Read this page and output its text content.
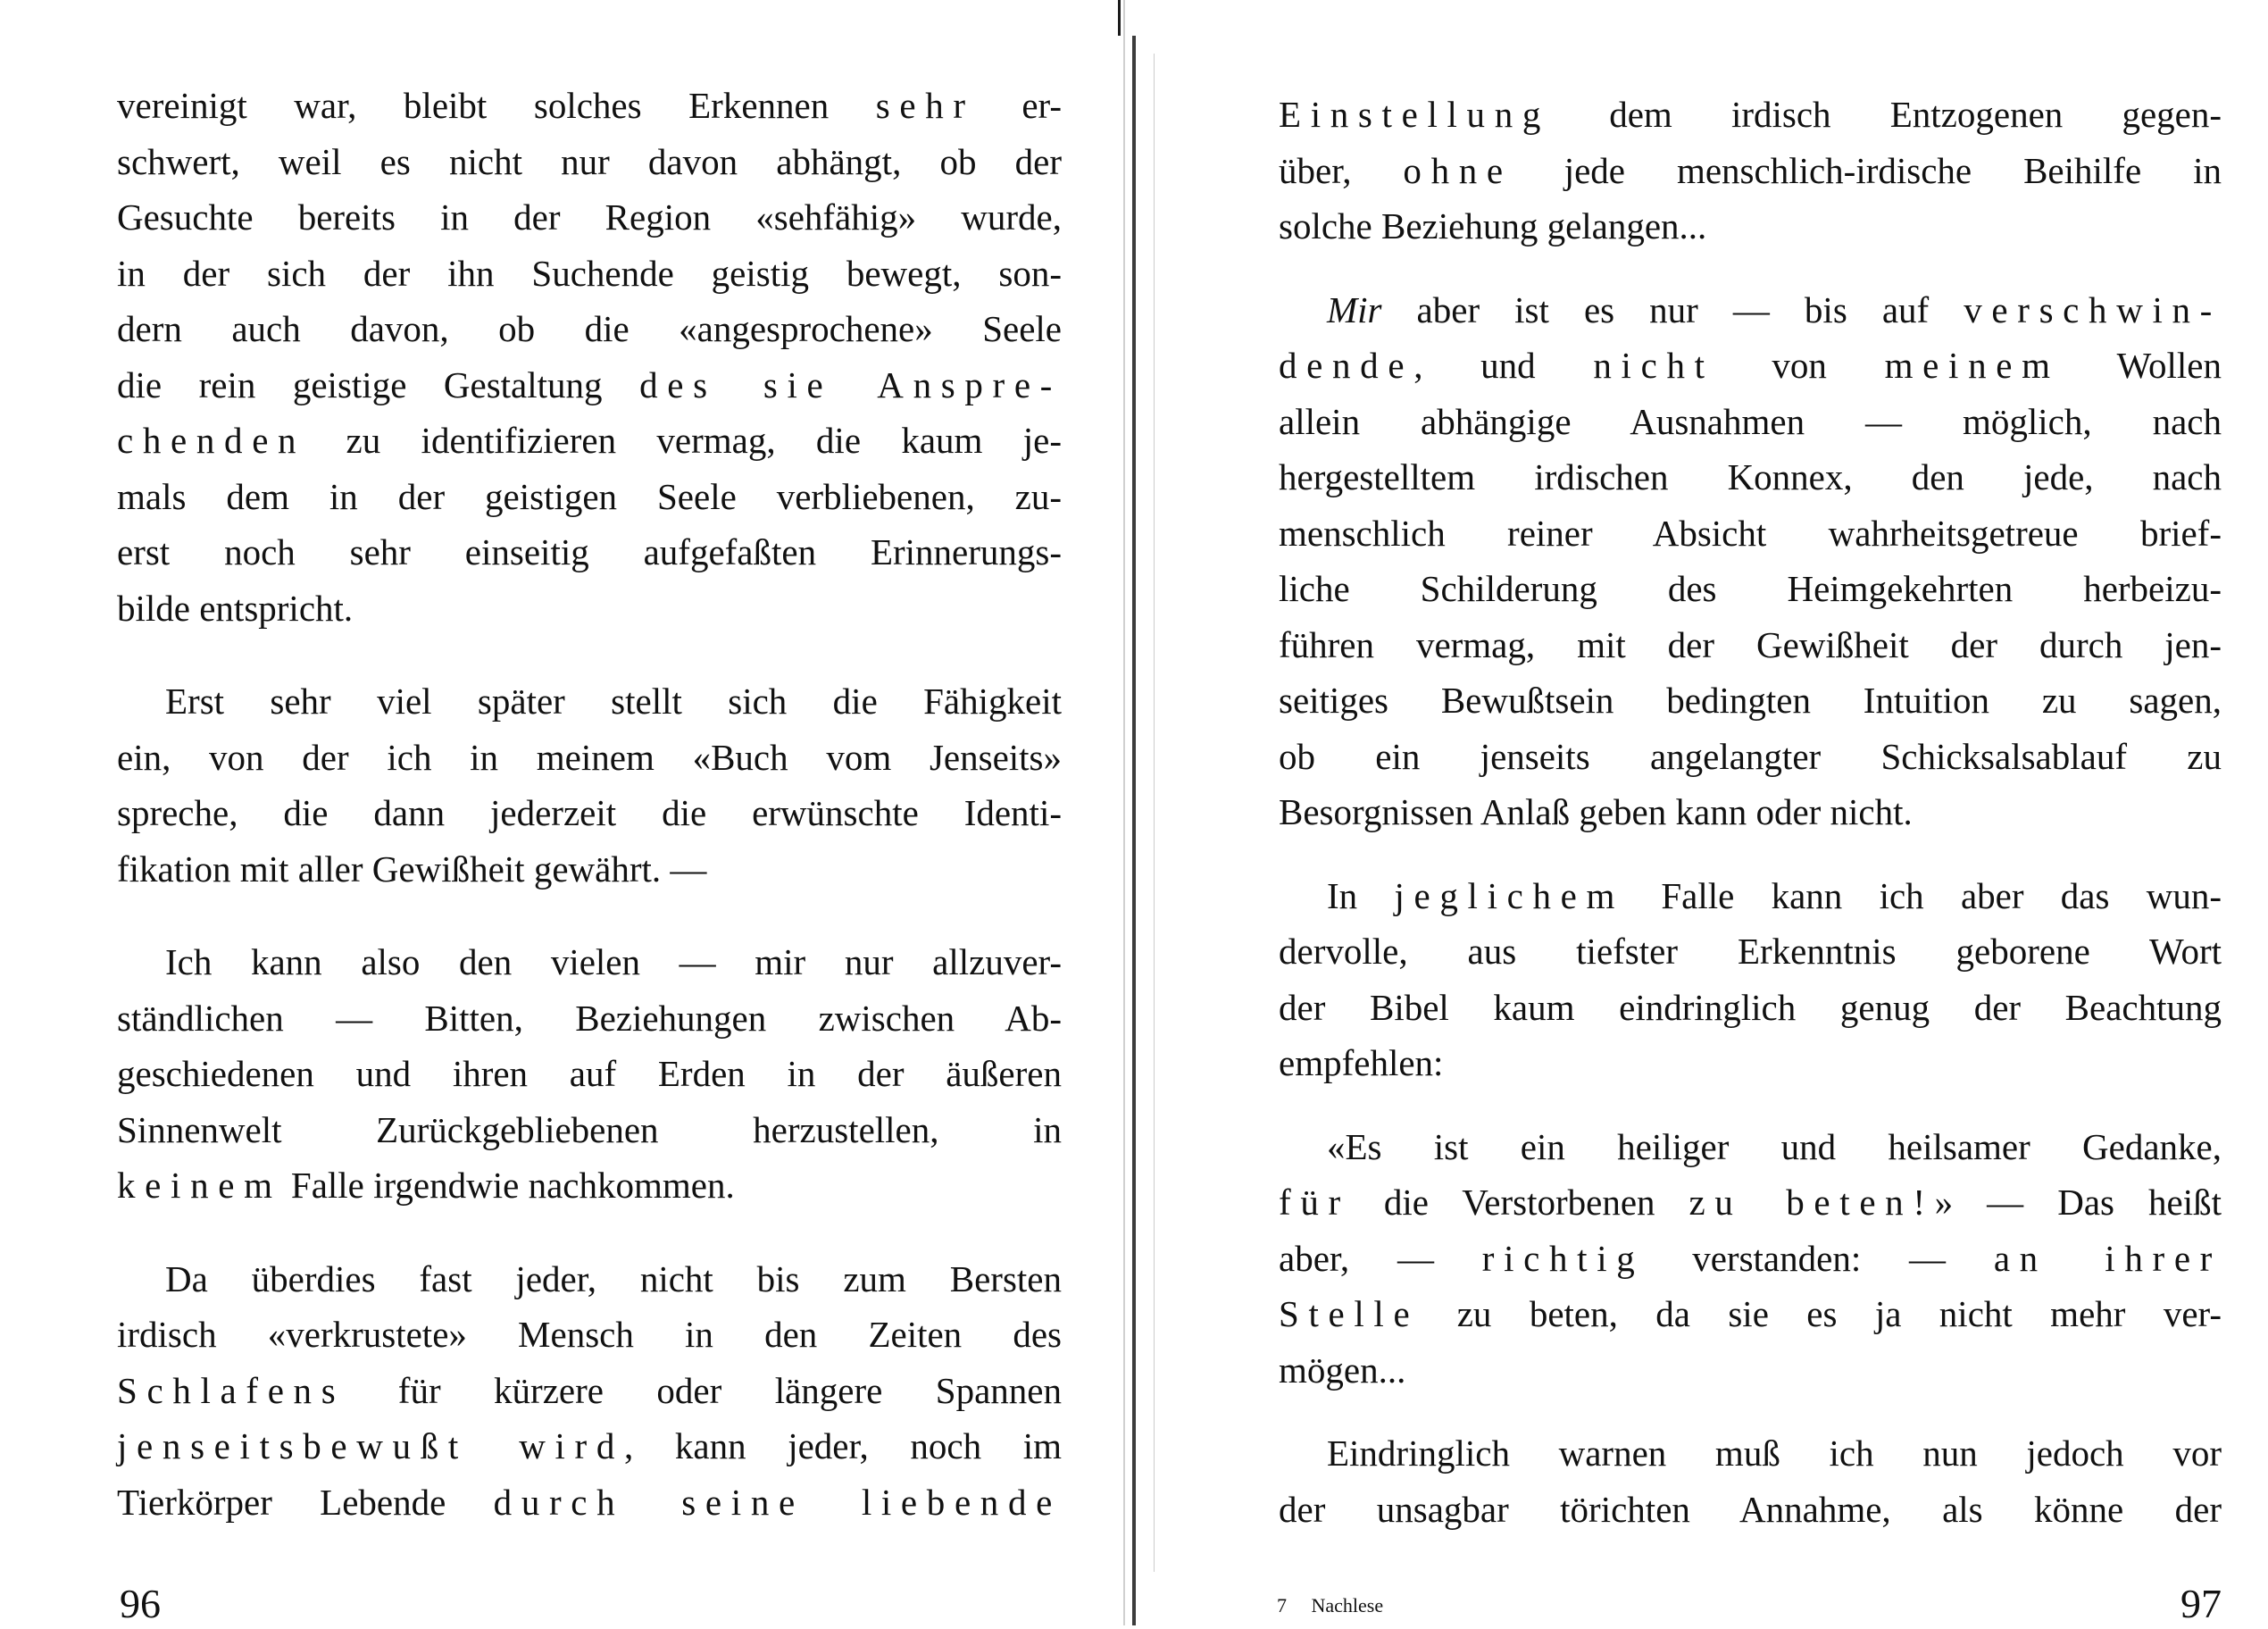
vereinigt war, bleibt solches Erkennen sehr er-
schwert, weil es nicht nur davon abhängt, ob der
Gesuchte bereits in der Region «sehfähig» wurde,
in der sich der ihn Suchende geistig bewegt, son-
dern auch davon, ob die «angesprochene» Seele
die rein geistige Gestaltung des sie Anspre-
chenden zu identifizieren vermag, die kaum je-
mals dem in der geistigen Seele verbliebenen, zu-
erst noch sehr einseitig aufgefaßten Erinnerungs-
bilde entspricht.
Erst sehr viel später stellt sich die Fähigkeit
ein, von der ich in meinem «Buch vom Jenseits»
spreche, die dann jederzeit die erwünschte Identi-
fikation mit aller Gewißheit gewährt. —
Ich kann also den vielen — mir nur allzuver-
ständlichen — Bitten, Beziehungen zwischen Ab-
geschiedenen und ihren auf Erden in der äußeren
Sinnenwelt Zurückgebliebenen herzustellen, in
keinem Falle irgendwie nachkommen.
Da überdies fast jeder, nicht bis zum Bersten
irdisch «verkrustete» Mensch in den Zeiten des
Schlafens für kürzere oder längere Spannen
jenseitsbewußt wird, kann jeder, noch im
Tierkörper Lebende durch seine liebende
96
Einstellung dem irdisch Entzogenen gegen-
über, ohne jede menschlich-irdische Beihilfe in
solche Beziehung gelangen...
Mir aber ist es nur — bis auf verschwin-
dende, und nicht von meinem Wollen
allein abhängige Ausnahmen — möglich, nach
hergestelltem irdischen Konnex, den jede, nach
menschlich reiner Absicht wahrheitsgetreue brief-
liche Schilderung des Heimgekehrten herbeizu-
führen vermag, mit der Gewißheit der durch jen-
seitiges Bewußtsein bedingten Intuition zu sagen,
ob ein jenseits angelangter Schicksalsablauf zu
Besorgnissen Anlaß geben kann oder nicht.
In jeglichem Falle kann ich aber das wun-
dervolle, aus tiefster Erkenntnis geborene Wort
der Bibel kaum eindringlich genug der Beachtung
empfehlen:
«Es ist ein heiliger und heilsamer Gedanke,
für die Verstorbenen zu beten!» — Das heißt
aber, — richtig verstanden: — an ihrer
Stelle zu beten, da sie es ja nicht mehr ver-
mögen...
Eindringlich warnen muß ich nun jedoch vor
der unsagbar törichten Annahme, als könne der
7 Nachlese	97
